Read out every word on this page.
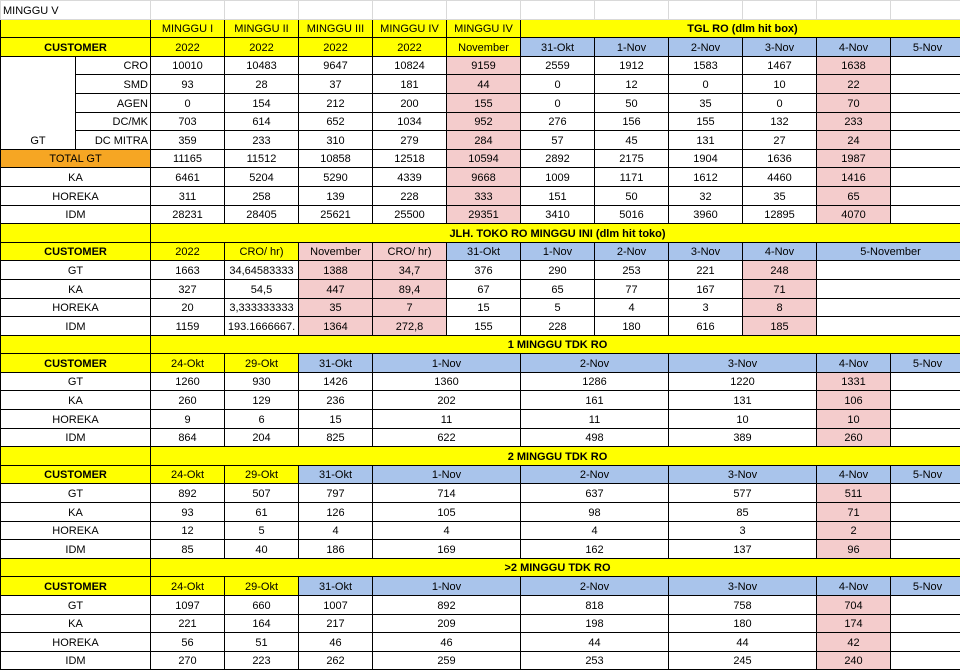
MINGGU V												
		MINGGU I	MINGGU II	MINGGU III	MINGGU IV	MINGGU IV	TGL RO (dlm hit box)					
CUSTOMER		2022	2022	2022	2022	November	31-Okt	1-Nov	2-Nov	3-Nov	4-Nov	5-Nov
GT	CRO	10010	10483	9647	10824	9159	2559	1912	1583	1467	1638	
	SMD	93	28	37	181	44	0	12	0	10	22	
	AGEN	0	154	212	200	155	0	50	35	0	70	
	DC/MK	703	614	652	1034	952	276	156	155	132	233	
	DC MITRA	359	233	310	279	284	57	45	131	27	24	
TOTAL GT		11165	11512	10858	12518	10594	2892	2175	1904	1636	1987	
KA		6461	5204	5290	4339	9668	1009	1171	1612	4460	1416	
HOREKA		311	258	139	228	333	151	50	32	35	65	
IDM		28231	28405	25621	25500	29351	3410	5016	3960	12895	4070	
		JLH. TOKO RO MINGGU INI (dlm hit toko)										
CUSTOMER		2022	CRO/ hr)	November	CRO/ hr)	31-Okt	1-Nov	2-Nov	3-Nov	4-Nov	5-November	
GT		1663	34,64583333	1388	34,7	376	290	253	221	248		
KA		327	54,5	447	89,4	67	65	77	167	71		
HOREKA		20	3,333333333	35	7	15	5	4	3	8		
IDM		1159	193.1666667.	1364	272,8	155	228	180	616	185		
		1 MINGGU TDK RO										
CUSTOMER		24-Okt	29-Okt	31-Okt	1-Nov		2-Nov		3-Nov		4-Nov	5-Nov
GT		1260	930	1426	1360		1286		1220		1331	
KA		260	129	236	202		161		131		106	
HOREKA		9	6	15	11		11		10		10	
IDM		864	204	825	622		498		389		260	
		2 MINGGU TDK RO										
CUSTOMER		24-Okt	29-Okt	31-Okt	1-Nov		2-Nov		3-Nov		4-Nov	5-Nov
GT		892	507	797	714		637		577		511	
KA		93	61	126	105		98		85		71	
HOREKA		12	5	4	4		4		3		2	
IDM		85	40	186	169		162		137		96	
		>2 MINGGU TDK RO										
CUSTOMER		24-Okt	29-Okt	31-Okt	1-Nov		2-Nov		3-Nov		4-Nov	5-Nov
GT		1097	660	1007	892		818		758		704	
KA		221	164	217	209		198		180		174	
HOREKA		56	51	46	46		44		44		42	
IDM		270	223	262	259		253		245		240	
